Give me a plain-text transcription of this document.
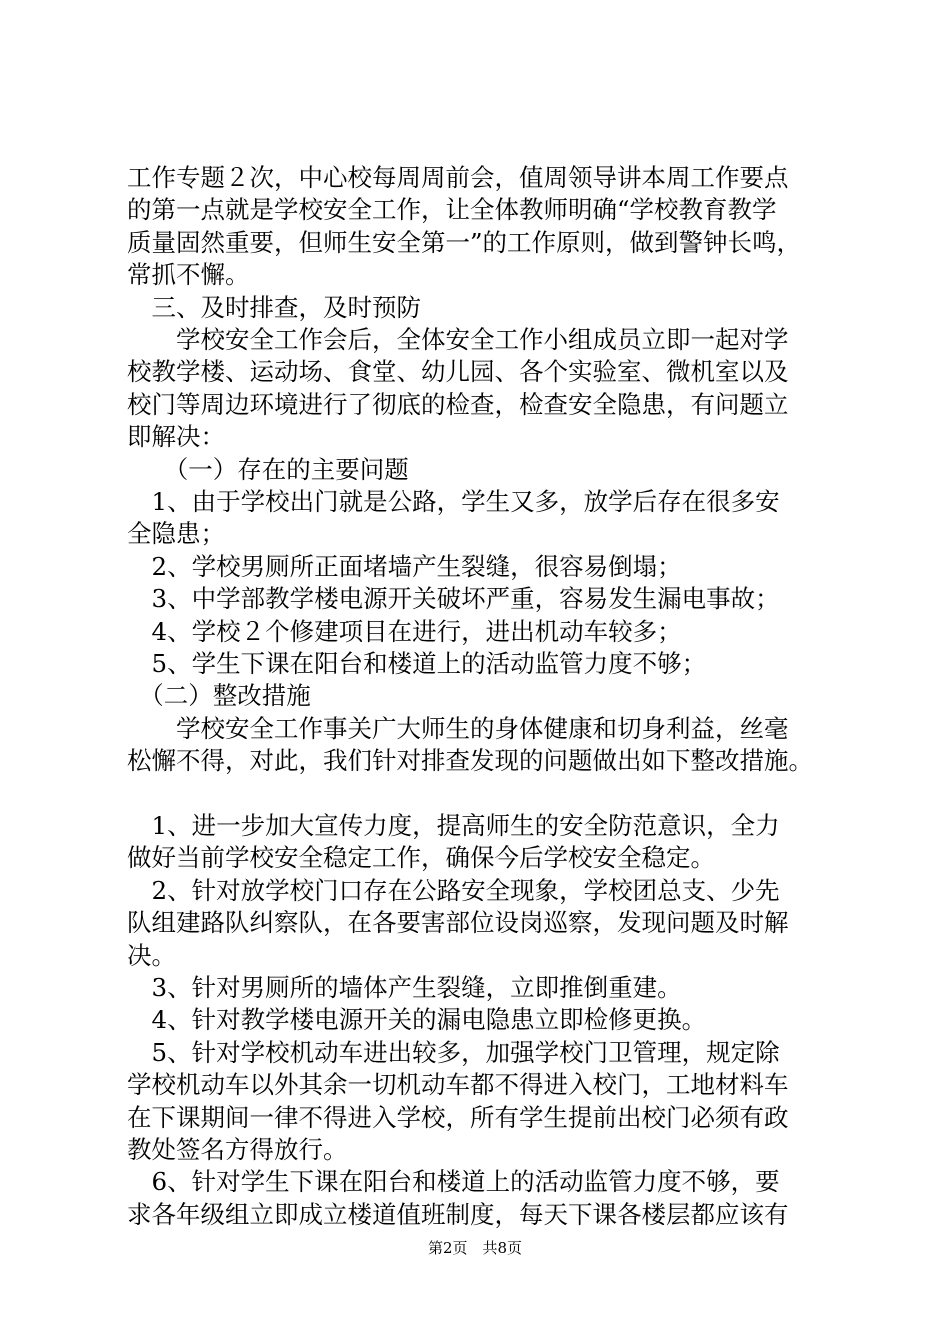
工作专题２次，中心校每周周前会，值周领导讲本周工作要点
的第一点就是学校安全工作，让全体教师明确“学校教育教学
质量固然重要，但师生安全第一”的工作原则，做到警钟长鸣，
常抓不懈。
　三、及时排查，及时预防
　　学校安全工作会后，全体安全工作小组成员立即一起对学
校教学楼、运动场、食堂、幼儿园、各个实验室、微机室以及
校门等周边环境进行了彻底的检查，检查安全隐患，有问题立
即解决：
　　（一）存在的主要问题
　1、由于学校出门就是公路，学生又多，放学后存在很多安
全隐患；
　2、学校男厕所正面堵墙产生裂缝，很容易倒塌；
　3、中学部教学楼电源开关破坏严重，容易发生漏电事故；
　4、学校２个修建项目在进行，进出机动车较多；
　5、学生下课在阳台和楼道上的活动监管力度不够；
　（二）整改措施
　　学校安全工作事关广大师生的身体健康和切身利益，丝毫
松懈不得，对此，我们针对排查发现的问题做出如下整改措施。
　1、进一步加大宣传力度，提高师生的安全防范意识，全力
做好当前学校安全稳定工作，确保今后学校安全稳定。
　2、针对放学校门口存在公路安全现象，学校团总支、少先
队组建路队纠察队，在各要害部位设岗巡察，发现问题及时解
决。
　3、针对男厕所的墙体产生裂缝，立即推倒重建。
　4、针对教学楼电源开关的漏电隐患立即检修更换。
　5、针对学校机动车进出较多，加强学校门卫管理，规定除
学校机动车以外其余一切机动车都不得进入校门，工地材料车
在下课期间一律不得进入学校，所有学生提前出校门必须有政
教处签名方得放行。
　6、针对学生下课在阳台和楼道上的活动监管力度不够，要
求各年级组立即成立楼道值班制度，每天下课各楼层都应该有
第2页　共8页
